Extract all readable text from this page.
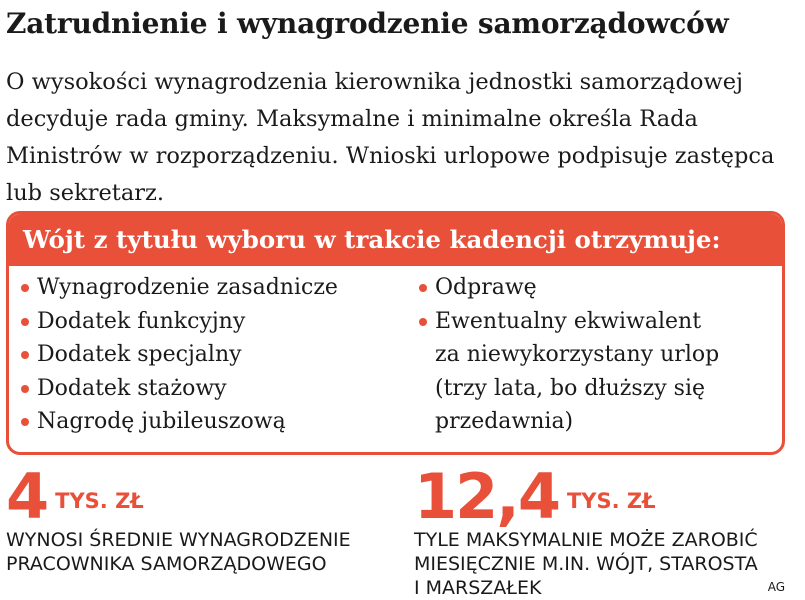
Zatrudnienie i wynagrodzenie samorządowców
O wysokości wynagrodzenia kierownika jednostki samorządowej decyduje rada gminy. Maksymalne i minimalne określa Rada Ministrów w rozporządzeniu. Wnioski urlopowe podpisuje zastępca lub sekretarz.
Wójt z tytułu wyboru w trakcie kadencji otrzymuje:
Wynagrodzenie zasadnicze
Dodatek funkcyjny
Dodatek specjalny
Dodatek stażowy
Nagrodę jubileuszową
Odprawę
Ewentualny ekwiwalent
za niewykorzystany urlop
(trzy lata, bo dłuższy się
przedawnia)
4 TYS. ZŁ
WYNOSI ŚREDNIE WYNAGRODZENIE
PRACOWNIKA SAMORZĄDOWEGO
12,4 TYS. ZŁ
TYLE MAKSYMALNIE MOŻE ZAROBIĆ
MIESIĘCZNIE M.IN. WÓJT, STAROSTA
I MARSZAŁEK	AG
